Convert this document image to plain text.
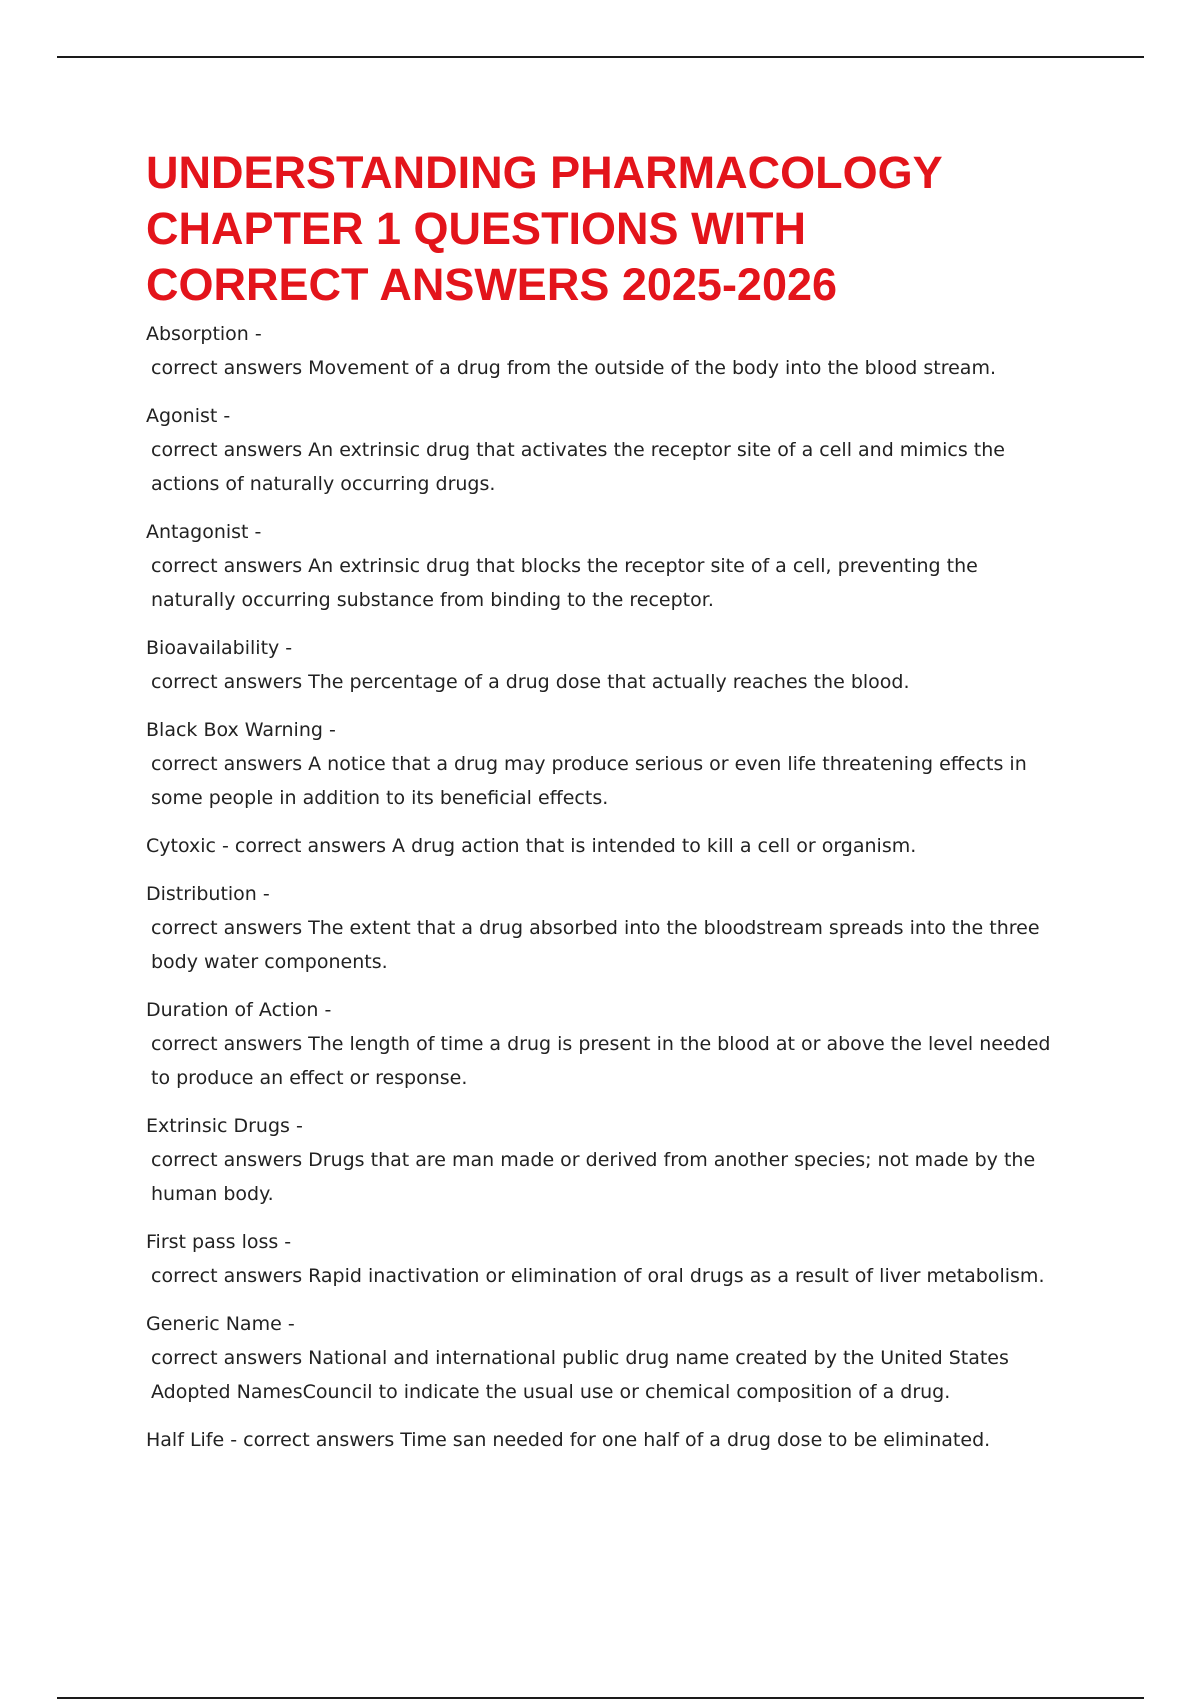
UNDERSTANDING PHARMACOLOGY
CHAPTER 1 QUESTIONS WITH
CORRECT ANSWERS 2025-2026
Absorption -
correct answers Movement of a drug from the outside of the body into the blood stream.
Agonist -
correct answers An extrinsic drug that activates the receptor site of a cell and mimics the actions of naturally occurring drugs.
Antagonist -
correct answers An extrinsic drug that blocks the receptor site of a cell, preventing the naturally occurring substance from binding to the receptor.
Bioavailability -
correct answers The percentage of a drug dose that actually reaches the blood.
Black Box Warning -
correct answers A notice that a drug may produce serious or even life threatening effects in some people in addition to its beneficial effects.
Cytoxic - correct answers A drug action that is intended to kill a cell or organism.
Distribution -
correct answers The extent that a drug absorbed into the bloodstream spreads into the three body water components.
Duration of Action -
correct answers The length of time a drug is present in the blood at or above the level needed to produce an effect or response.
Extrinsic Drugs -
correct answers Drugs that are man made or derived from another species; not made by the human body.
First pass loss -
correct answers Rapid inactivation or elimination of oral drugs as a result of liver metabolism.
Generic Name -
correct answers National and international public drug name created by the United States Adopted NamesCouncil to indicate the usual use or chemical composition of a drug.
Half Life - correct answers Time san needed for one half of a drug dose to be eliminated.
